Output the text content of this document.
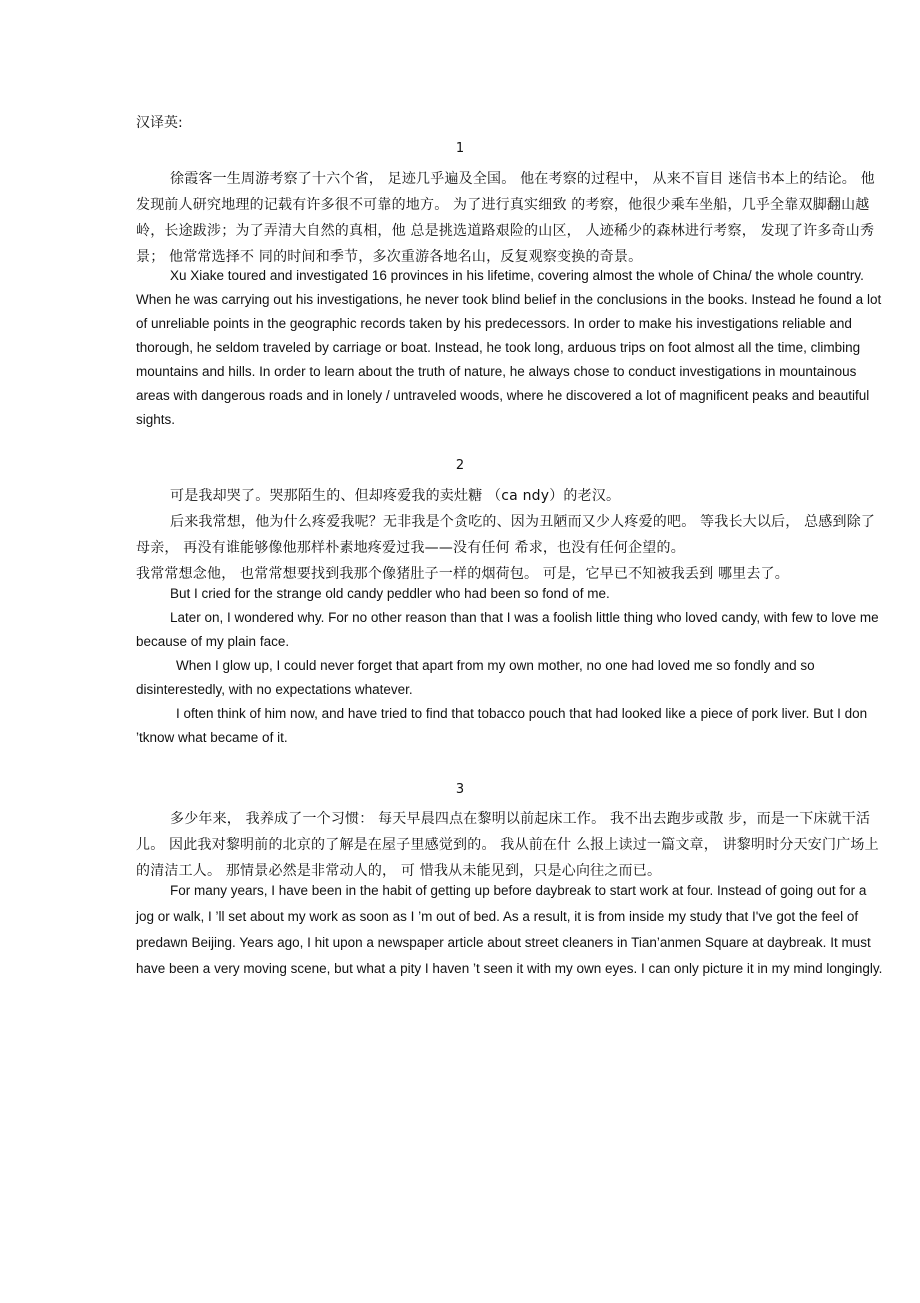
汉译英:

1

徐霞客一生周游考察了十六个省， 足迹几乎遍及全国。 他在考察的过程中， 从来不盲目 迷信书本上的结论。 他发现前人研究地理的记载有许多很不可靠的地方。 为了进行真实细致 的考察，他很少乘车坐船，几乎全靠双脚翻山越岭，长途跋涉；为了弄清大自然的真相，他 总是挑选道路艰险的山区， 人迹稀少的森林进行考察， 发现了许多奇山秀景； 他常常选择不 同的时间和季节，多次重游各地名山，反复观察变换的奇景。

Xu Xiake toured and investigated 16 provinces in his lifetime, covering almost the whole of China/ the whole country. When he was carrying out his investigations, he never took blind belief in the conclusions in the books. Instead he found a lot of unreliable points in the geographic records taken by his predecessors. In order to make his investigations reliable and thorough, he seldom traveled by carriage or boat. Instead, he took long, arduous trips on foot almost all the time, climbing mountains and hills. In order to learn about the truth of nature, he always chose to conduct investigations in mountainous areas with dangerous roads and in lonely / untraveled woods, where he discovered a lot of magnificent peaks and beautiful sights.

2

可是我却哭了。哭那陌生的、但却疼爱我的卖灶糖 （ca ndy）的老汉。

后来我常想，他为什么疼爱我呢？无非我是个贪吃的、因为丑陋而又少人疼爱的吧。 等我长大以后， 总感到除了母亲， 再没有谁能够像他那样朴素地疼爱过我——没有任何 希求，也没有任何企望的。

我常常想念他， 也常常想要找到我那个像猪肚子一样的烟荷包。 可是，它早已不知被我丢到 哪里去了。

But I cried for the strange old candy peddler who had been so fond of me.

Later on, I wondered why. For no other reason than that I was a foolish little thing who loved candy, with few to love me because of my plain face.

When I glow up, I could never forget that apart from my own mother, no one had loved me so fondly and so disinterestedly, with no expectations whatever.

I often think of him now, and have tried to find that tobacco pouch that had looked like a piece of pork liver. But I don ’tknow what became of it.

3

多少年来， 我养成了一个习惯： 每天早晨四点在黎明以前起床工作。 我不出去跑步或散 步，而是一下床就干活儿。 因此我对黎明前的北京的了解是在屋子里感觉到的。 我从前在什 么报上读过一篇文章， 讲黎明时分天安门广场上的清洁工人。 那情景必然是非常动人的， 可 惜我从未能见到，只是心向往之而已。

For many years, I have been in the habit of getting up before daybreak to start work at four. Instead of going out for a jog or walk, I ’ll set about my work as soon as I ’m out of bed. As a result, it is from inside my study that I've got the feel of predawn Beijing. Years ago, I hit upon a newspaper article about street cleaners in Tian’anmen Square at daybreak. It must have been a very moving scene, but what a pity I haven ’t seen it with my own eyes. I can only picture it in my mind longingly.
